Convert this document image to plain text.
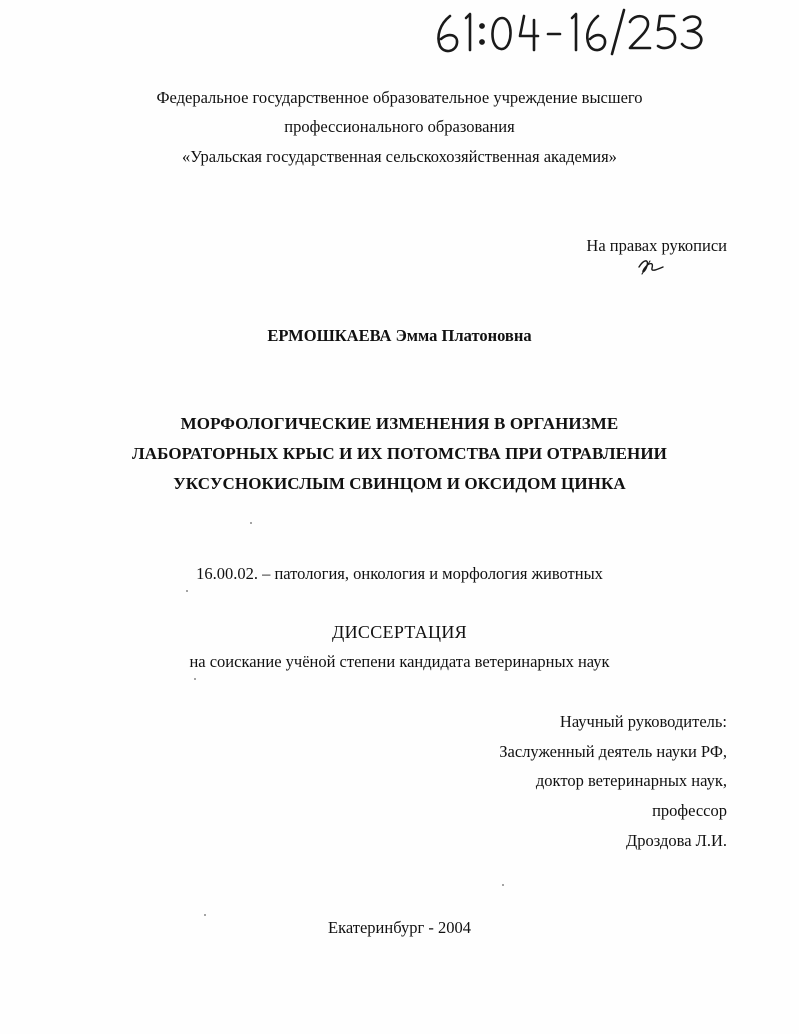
Федеральное государственное образовательное учреждение высшего
профессионального образования
«Уральская государственная сельскохозяйственная академия»
На правах рукописи
ЕРМОШКАЕВА Эмма Платоновна
МОРФОЛОГИЧЕСКИЕ ИЗМЕНЕНИЯ В ОРГАНИЗМЕ
ЛАБОРАТОРНЫХ КРЫС И ИХ ПОТОМСТВА ПРИ ОТРАВЛЕНИИ
УКСУСНОКИСЛЫМ СВИНЦОМ И ОКСИДОМ ЦИНКА
16.00.02. – патология, онкология и морфология животных
ДИССЕРТАЦИЯ
на соискание учёной степени кандидата ветеринарных наук
Научный руководитель:
Заслуженный деятель науки РФ,
доктор ветеринарных наук,
профессор
Дроздова Л.И.
Екатеринбург - 2004
